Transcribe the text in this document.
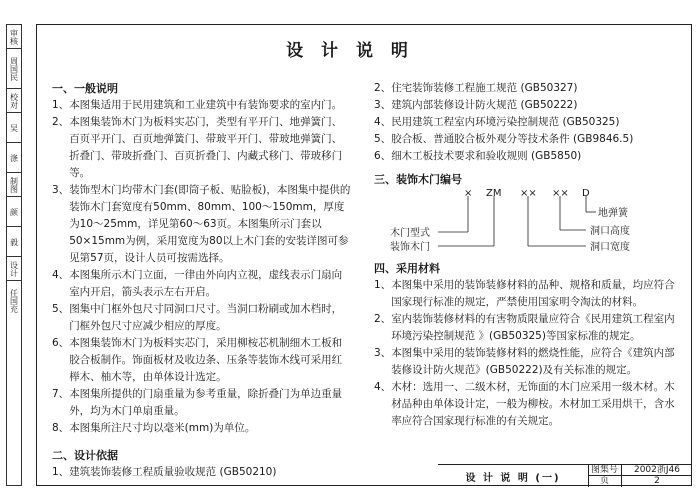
审核
周国民
校对
吴
涤
制图
颜
毅
设计
任国充
设 计 说 明

一、一般说明

1、 本图集适用于民用建筑和工业建筑中有装饰要求的室内门。
2、 本图集装饰木门为板料实芯门，类型有平开门、地弹簧门、百页平开门、百页地弹簧门、带玻平开门、带玻地弹簧门、折叠门、带玻折叠门、百页折叠门、内藏式移门、带玻移门等。
3、 装饰型木门均带木门套(即筒子板、贴脸板)，本图集中提供的装饰木门套宽度有50mm、80mm、100～150mm，厚度为10～25mm，详见第60～63页。本图集所示门套以50×15mm为例，采用宽度为80以上木门套的安装详图可参见第57页，设计人员可按需选择。
4、 本图集所示木门立面，一律由外向内立视，虚线表示门扇向室内开启，箭头表示左右开启。
5、 图集中门框外包尺寸同洞口尺寸。当洞口粉刷或加木档时，门框外包尺寸应减少相应的厚度。
6、 本图集装饰木门为板料实芯门，采用柳桉芯机制细木工板和胶合板制作。饰面板材及收边条、压条等装饰木线可采用红榉木、柚木等，由单体设计选定。
7、 本图集所提供的门扇重量为参考重量，除折叠门为单边重量外，均为木门单扇重量。
8、 本图集所注尺寸均以毫米(mm)为单位。

二、设计依据

1、 建筑装饰装修工程质量验收规范 (GB50210)
2、 住宅装饰装修工程施工规范 (GB50327)
3、 建筑内部装修设计防火规范 (GB50222)
4、 民用建筑工程室内环境污染控制规范 (GB50325)
5、 胶合板、普通胶合板外观分等技术条件 (GB9846.5)
6、 细木工板技术要求和验收规则 (GB5850)

三、装饰木门编号

× ZM ×× ×× D
地弹簧
木门型式	洞口高度
装饰木门	洞口宽度

四、采用材料

1、 本图集中采用的装饰装修材料的品种、规格和质量，均应符合国家现行标准的规定，严禁使用国家明令淘汰的材料。
2、 室内装饰装修材料的有害物质限量应符合《民用建筑工程室内环境污染控制规范 》(GB50325)等国家标准的规定。
3、 本图集中采用的装饰装修材料的燃烧性能，应符合《建筑内部装修设计防火规范》(GB50222)及有关标准的规定。
4、 木材：选用一、二级木材，无饰面的木门应采用一级木材。木材品种由单体设计定，一般为柳桉。木材加工采用烘干，含水率应符合国家现行标准的有关规定。
设 计 说 明 (一)
图集号	2002浙J46
页	2
